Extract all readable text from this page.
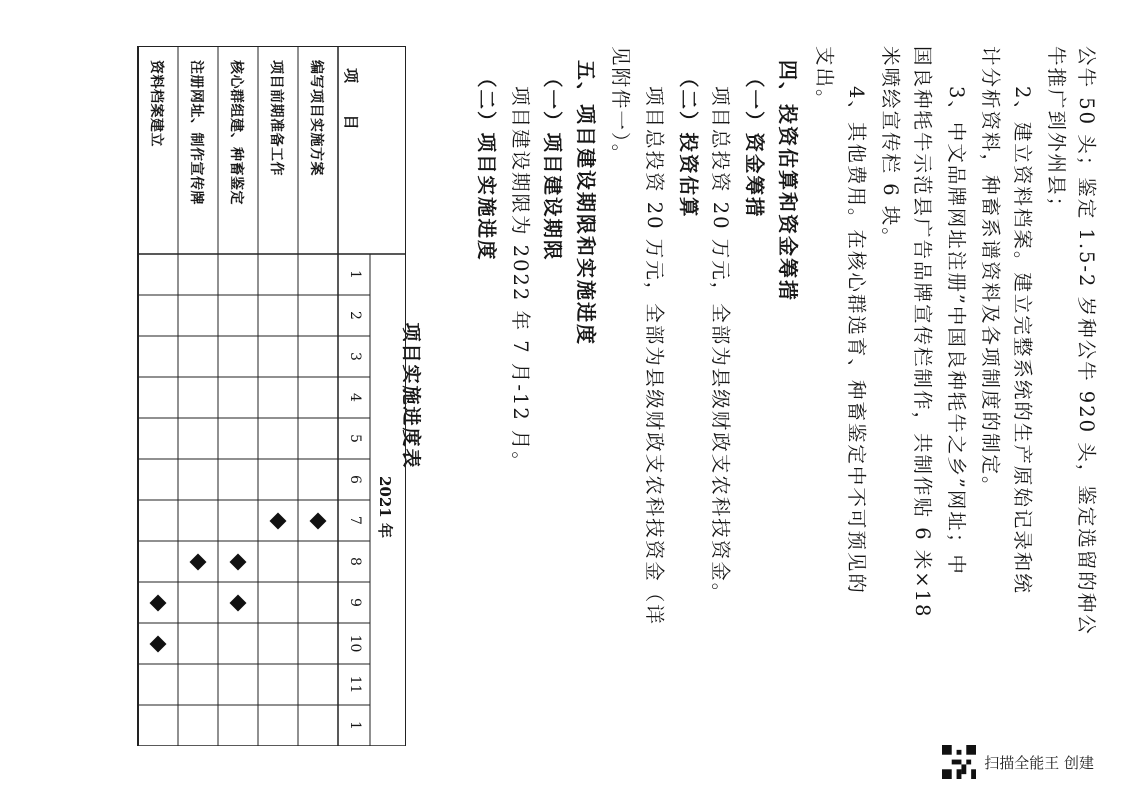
公牛 50 头；鉴定 1.5-2 岁种公牛 920 头，鉴定选留的种公
牛推广到外州县；
2、建立资料档案。建立完整系统的生产原始记录和统
计分析资料，种畜系谱资料及各项制度的制定。
3、中文品牌网址注册”中国良种牦牛之乡”网址；中
国良种牦牛示范县广告品牌宣传栏制作，共制作贴 6 米×18
米喷绘宣传栏 6 块。
4、其他费用。在核心群选育、种畜鉴定中不可预见的
支出。
四、投资估算和资金筹措
（一）资金筹措
项目总投资 20 万元，全部为县级财政支农科技资金。
（二）投资估算
项目总投资 20 万元，全部为县级财政支农科技资金（详
见附件一）。
五、项目建设期限和实施进度
（一）项目建设期限
项目建设期限为 2022 年 7 月-12 月。
（二）项目实施进度
项目实施进度表
2021 年
项　　目
1
2
3
4
5
6
7
8
9
10
11
1
编写项目实施方案
项目前期准备工作
核心群组建、种畜鉴定
注册网址、制作宣传牌
资料档案建立
扫描全能王 创建
